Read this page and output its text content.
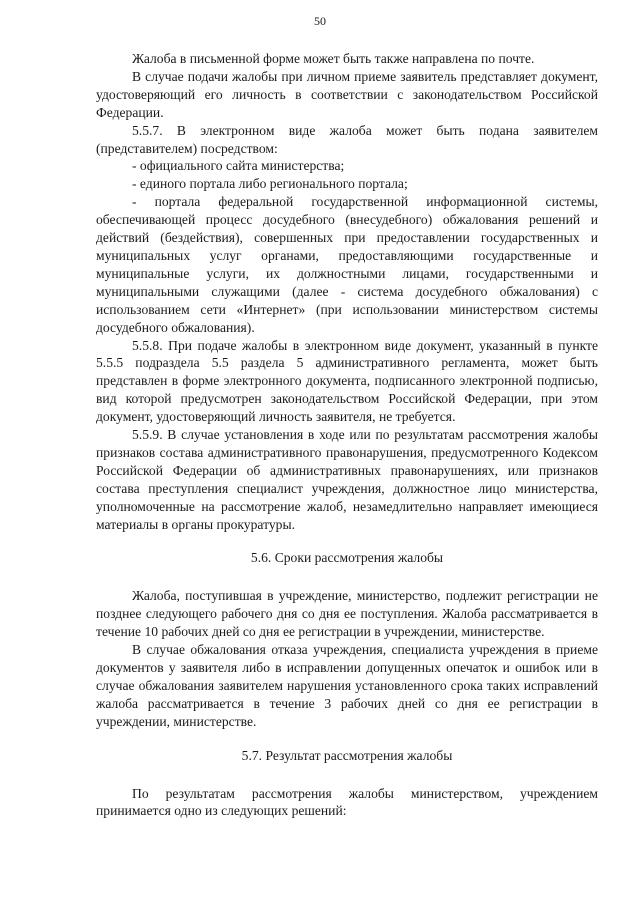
50

Жалоба в письменной форме может быть также направлена по почте.

В случае подачи жалобы при личном приеме заявитель представляет документ, удостоверяющий его личность в соответствии с законодательством Российской Федерации.

5.5.7. В электронном виде жалоба может быть подана заявителем (представителем) посредством:

- официального сайта министерства;

- единого портала либо регионального портала;

- портала федеральной государственной информационной системы, обеспечивающей процесс досудебного (внесудебного) обжалования решений и действий (бездействия), совершенных при предоставлении государственных и муниципальных услуг органами, предоставляющими государственные и муниципальные услуги, их должностными лицами, государственными и муниципальными служащими (далее - система досудебного обжалования) с использованием сети «Интернет» (при использовании министерством системы досудебного обжалования).

5.5.8. При подаче жалобы в электронном виде документ, указанный в пункте 5.5.5 подраздела 5.5 раздела 5 административного регламента, может быть представлен в форме электронного документа, подписанного электронной подписью, вид которой предусмотрен законодательством Российской Федерации, при этом документ, удостоверяющий личность заявителя, не требуется.

5.5.9. В случае установления в ходе или по результатам рассмотрения жалобы признаков состава административного правонарушения, предусмотренного Кодексом Российской Федерации об административных правонарушениях, или признаков состава преступления специалист учреждения, должностное лицо министерства, уполномоченные на рассмотрение жалоб, незамедлительно направляет имеющиеся материалы в органы прокуратуры.

5.6. Сроки рассмотрения жалобы

Жалоба, поступившая в учреждение, министерство, подлежит регистрации не позднее следующего рабочего дня со дня ее поступления. Жалоба рассматривается в течение 10 рабочих дней со дня ее регистрации в учреждении, министерстве.

В случае обжалования отказа учреждения, специалиста учреждения в приеме документов у заявителя либо в исправлении допущенных опечаток и ошибок или в случае обжалования заявителем нарушения установленного срока таких исправлений жалоба рассматривается в течение 3 рабочих дней со дня ее регистрации в учреждении, министерстве.

5.7. Результат рассмотрения жалобы

По результатам рассмотрения жалобы министерством, учреждением принимается одно из следующих решений:
